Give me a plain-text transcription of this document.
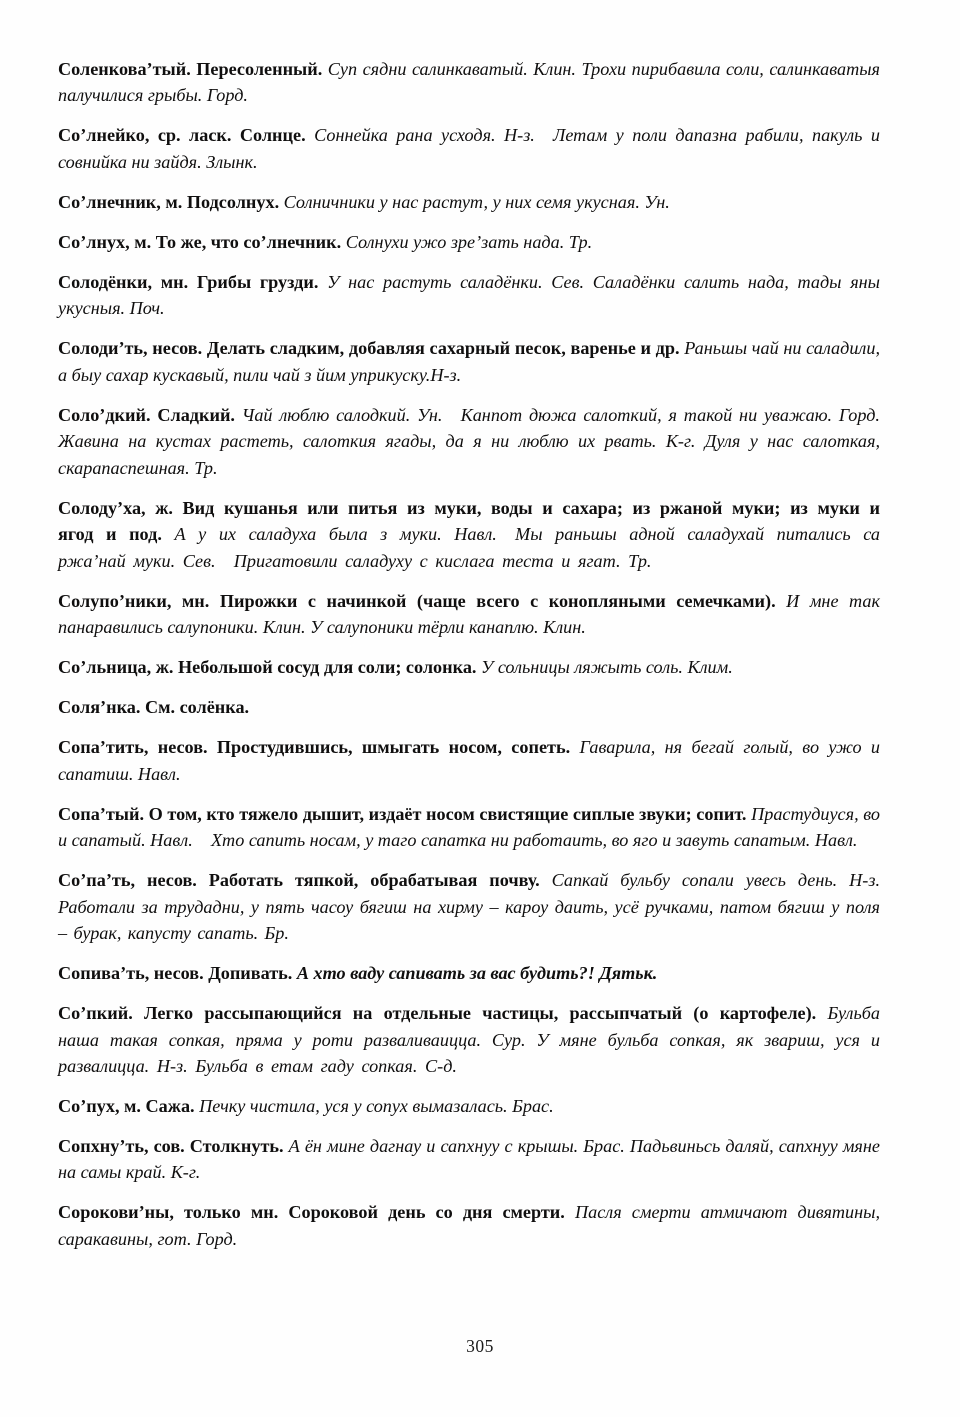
Соленковаʼтый. Пересоленный. Суп сядни салинкаватый. Клин. Трохи пирибавила соли, салинкаватыя палучилися грыбы. Горд.

Соʼлнейко, ср. ласк. Солнце. Соннейка рана усходя. Н-з. Летам у поли дапазна рабили, пакуль и совнийка ни зайдя. Злынк.

Соʼлнечник, м. Подсолнух. Солничники у нас растут, у них семя укусная. Ун.

Соʼлнух, м. То же, что соʼлнечник. Солнухи ужо зреʼзать нада. Тр.

Солодёнки, мн. Грибы грузди. У нас растуть саладёнки. Сев. Саладёнки салить нада, тады яны укусныя. Поч.

Солодиʼть, несов. Делать сладким, добавляя сахарный песок, варенье и др. Раньшы чай ни саладили, а быу сахар кускавый, пили чай з йим уприкуску.Н-з.

Солоʼдкий. Сладкий. Чай люблю салодкий. Ун. Канпот дюжа салоткий, я такой ни уважаю. Горд. Жавина на кустах растеть, салоткия ягады, да я ни люблю их рвать. К-г. Дуля у нас салоткая, скарапаспешная. Тр.

Солодуʼха, ж. Вид кушанья или питья из муки, воды и сахара; из ржаной муки; из муки и ягод и под. А у их саладуха была з муки. Навл. Мы раньшы адной саладухай питались са ржаʼнай муки. Сев. Пригатовили саладуху с кислага теста и ягат. Тр.

Солупоʼники, мн. Пирожки с начинкой (чаще всего с конопляными семечками). И мне так панаравились салупоники. Клин. У салупоники тёрли канаплю. Клин.

Соʼльница, ж. Небольшой сосуд для соли; солонка. У сольницы ляжыть соль. Клим.

Соляʼнка. См. солёнка.

Сопаʼтить, несов. Простудившись, шмыгать носом, сопеть. Гаварила, ня бегай голый, во ужо и сапатиш. Навл.

Сопаʼтый. О том, кто тяжело дышит, издаёт носом свистящие сиплые звуки; сопит. Прастудиуся, во и сапатый. Навл. Хто сапить носам, у таго сапатка ни работаить, во яго и завуть сапатым. Навл.

Со’па’ть, несов. Работать тяпкой, обрабатывая почву. Сапкай бульбу сопали увесь день. Н-з. Работали за трудадни, у пять часоу бягиш на хирму – кароу даить, усё ручками, патом бягиш у поля – бурак, капусту сапать. Бр.

Сопиваʼть, несов. Допивать. А хто ваду сапивать за вас будить?! Дятьк.

Соʼпкий. Легко рассыпающийся на отдельные частицы, рассыпчатый (о картофеле). Бульба наша такая сопкая, пряма у роти разваливаицца. Сур. У мяне бульба сопкая, як звариш, уся и развалицца. Н-з. Бульба в етам гаду сопкая. С-д.

Соʼпух, м. Сажа. Печку чистила, уся у сопух вымазалась. Брас.

Сопхнуʼть, сов. Столкнуть. А ён мине дагнау и сапхнуу с крышы. Брас. Падьвиньсь даляй, сапхнуу мяне на самы край. К-г.

Сороковиʼны, только мн. Сороковой день со дня смерти. Пасля смерти атмичают дивятины, саракавины, гот. Горд.

305
